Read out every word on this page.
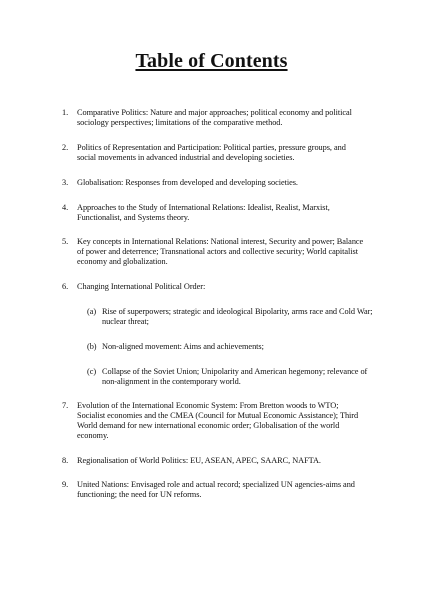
Table of Contents
1.	Comparative Politics: Nature and major approaches; political economy and political sociology perspectives; limitations of the comparative method.
2.	Politics of Representation and Participation: Political parties, pressure groups, and social movements in advanced industrial and developing societies.
3.	Globalisation: Responses from developed and developing societies.
4.	Approaches to the Study of International Relations: Idealist, Realist, Marxist, Functionalist, and Systems theory.
5.	Key concepts in International Relations: National interest, Security and power; Balance of power and deterrence; Transnational actors and collective security; World capitalist economy and globalization.
6.	Changing International Political Order:
(a) Rise of superpowers; strategic and ideological Bipolarity, arms race and Cold War; nuclear threat;
(b) Non-aligned movement: Aims and achievements;
(c) Collapse of the Soviet Union; Unipolarity and American hegemony; relevance of non-alignment in the contemporary world.
7.	Evolution of the International Economic System: From Bretton woods to WTO; Socialist economies and the CMEA (Council for Mutual Economic Assistance); Third World demand for new international economic order; Globalisation of the world economy.
8.	Regionalisation of World Politics: EU, ASEAN, APEC, SAARC, NAFTA.
9.	United Nations: Envisaged role and actual record; specialized UN agencies-aims and functioning; the need for UN reforms.
